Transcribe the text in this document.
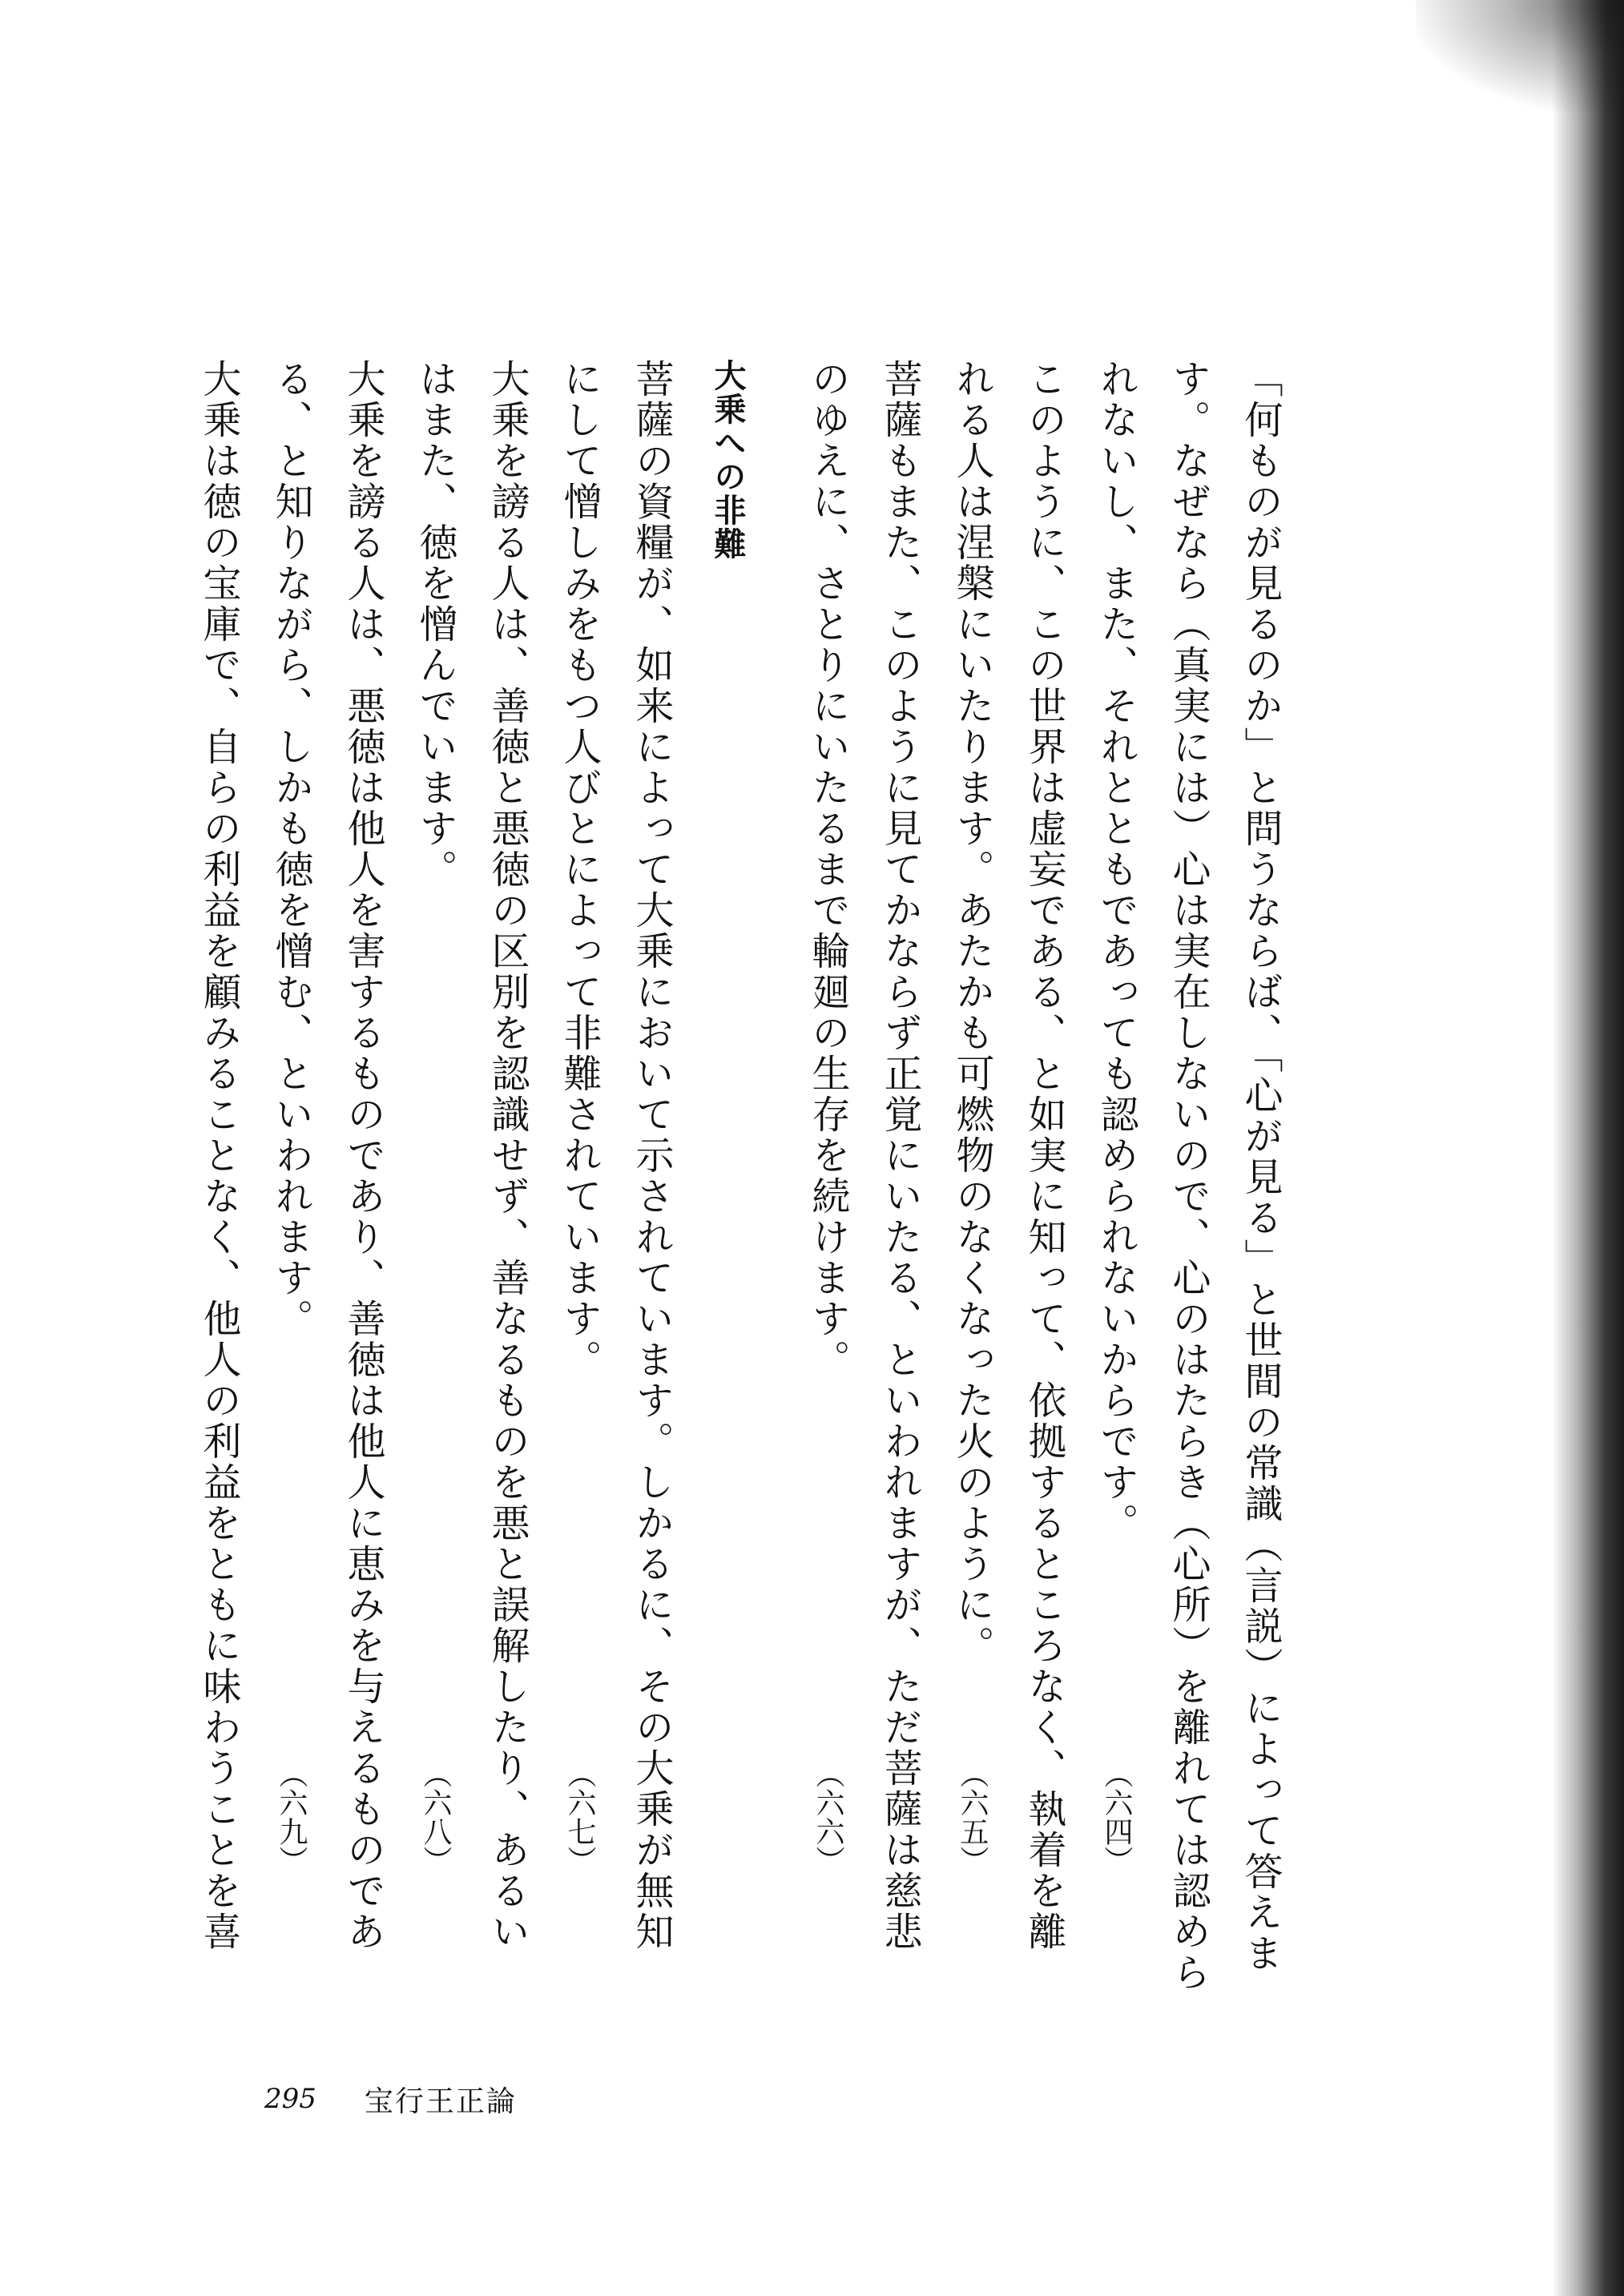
「何ものが見るのか」と問うならば、「心が見る」と世間の常識（言説）によって答えま
す。なぜなら（真実には）心は実在しないので、心のはたらき（心所）を離れては認めら
れないし、また、それとともであっても認められないからです。
（六四）
このように、この世界は虚妄である、と如実に知って、依拠するところなく、執着を離
れる人は涅槃にいたります。あたかも可燃物のなくなった火のように。
（六五）
菩薩もまた、このように見てかならず正覚にいたる、といわれますが、ただ菩薩は慈悲
のゆえに、さとりにいたるまで輪廻の生存を続けます。
（六六）
大乗への非難
菩薩の資糧が、如来によって大乗において示されています。しかるに、その大乗が無知
にして憎しみをもつ人びとによって非難されています。
（六七）
大乗を謗る人は、善徳と悪徳の区別を認識せず、善なるものを悪と誤解したり、あるい
はまた、徳を憎んでいます。
（六八）
大乗を謗る人は、悪徳は他人を害するものであり、善徳は他人に恵みを与えるものであ
る、と知りながら、しかも徳を憎む、といわれます。
（六九）
大乗は徳の宝庫で、自らの利益を顧みることなく、他人の利益をともに味わうことを喜
295 宝行王正論
